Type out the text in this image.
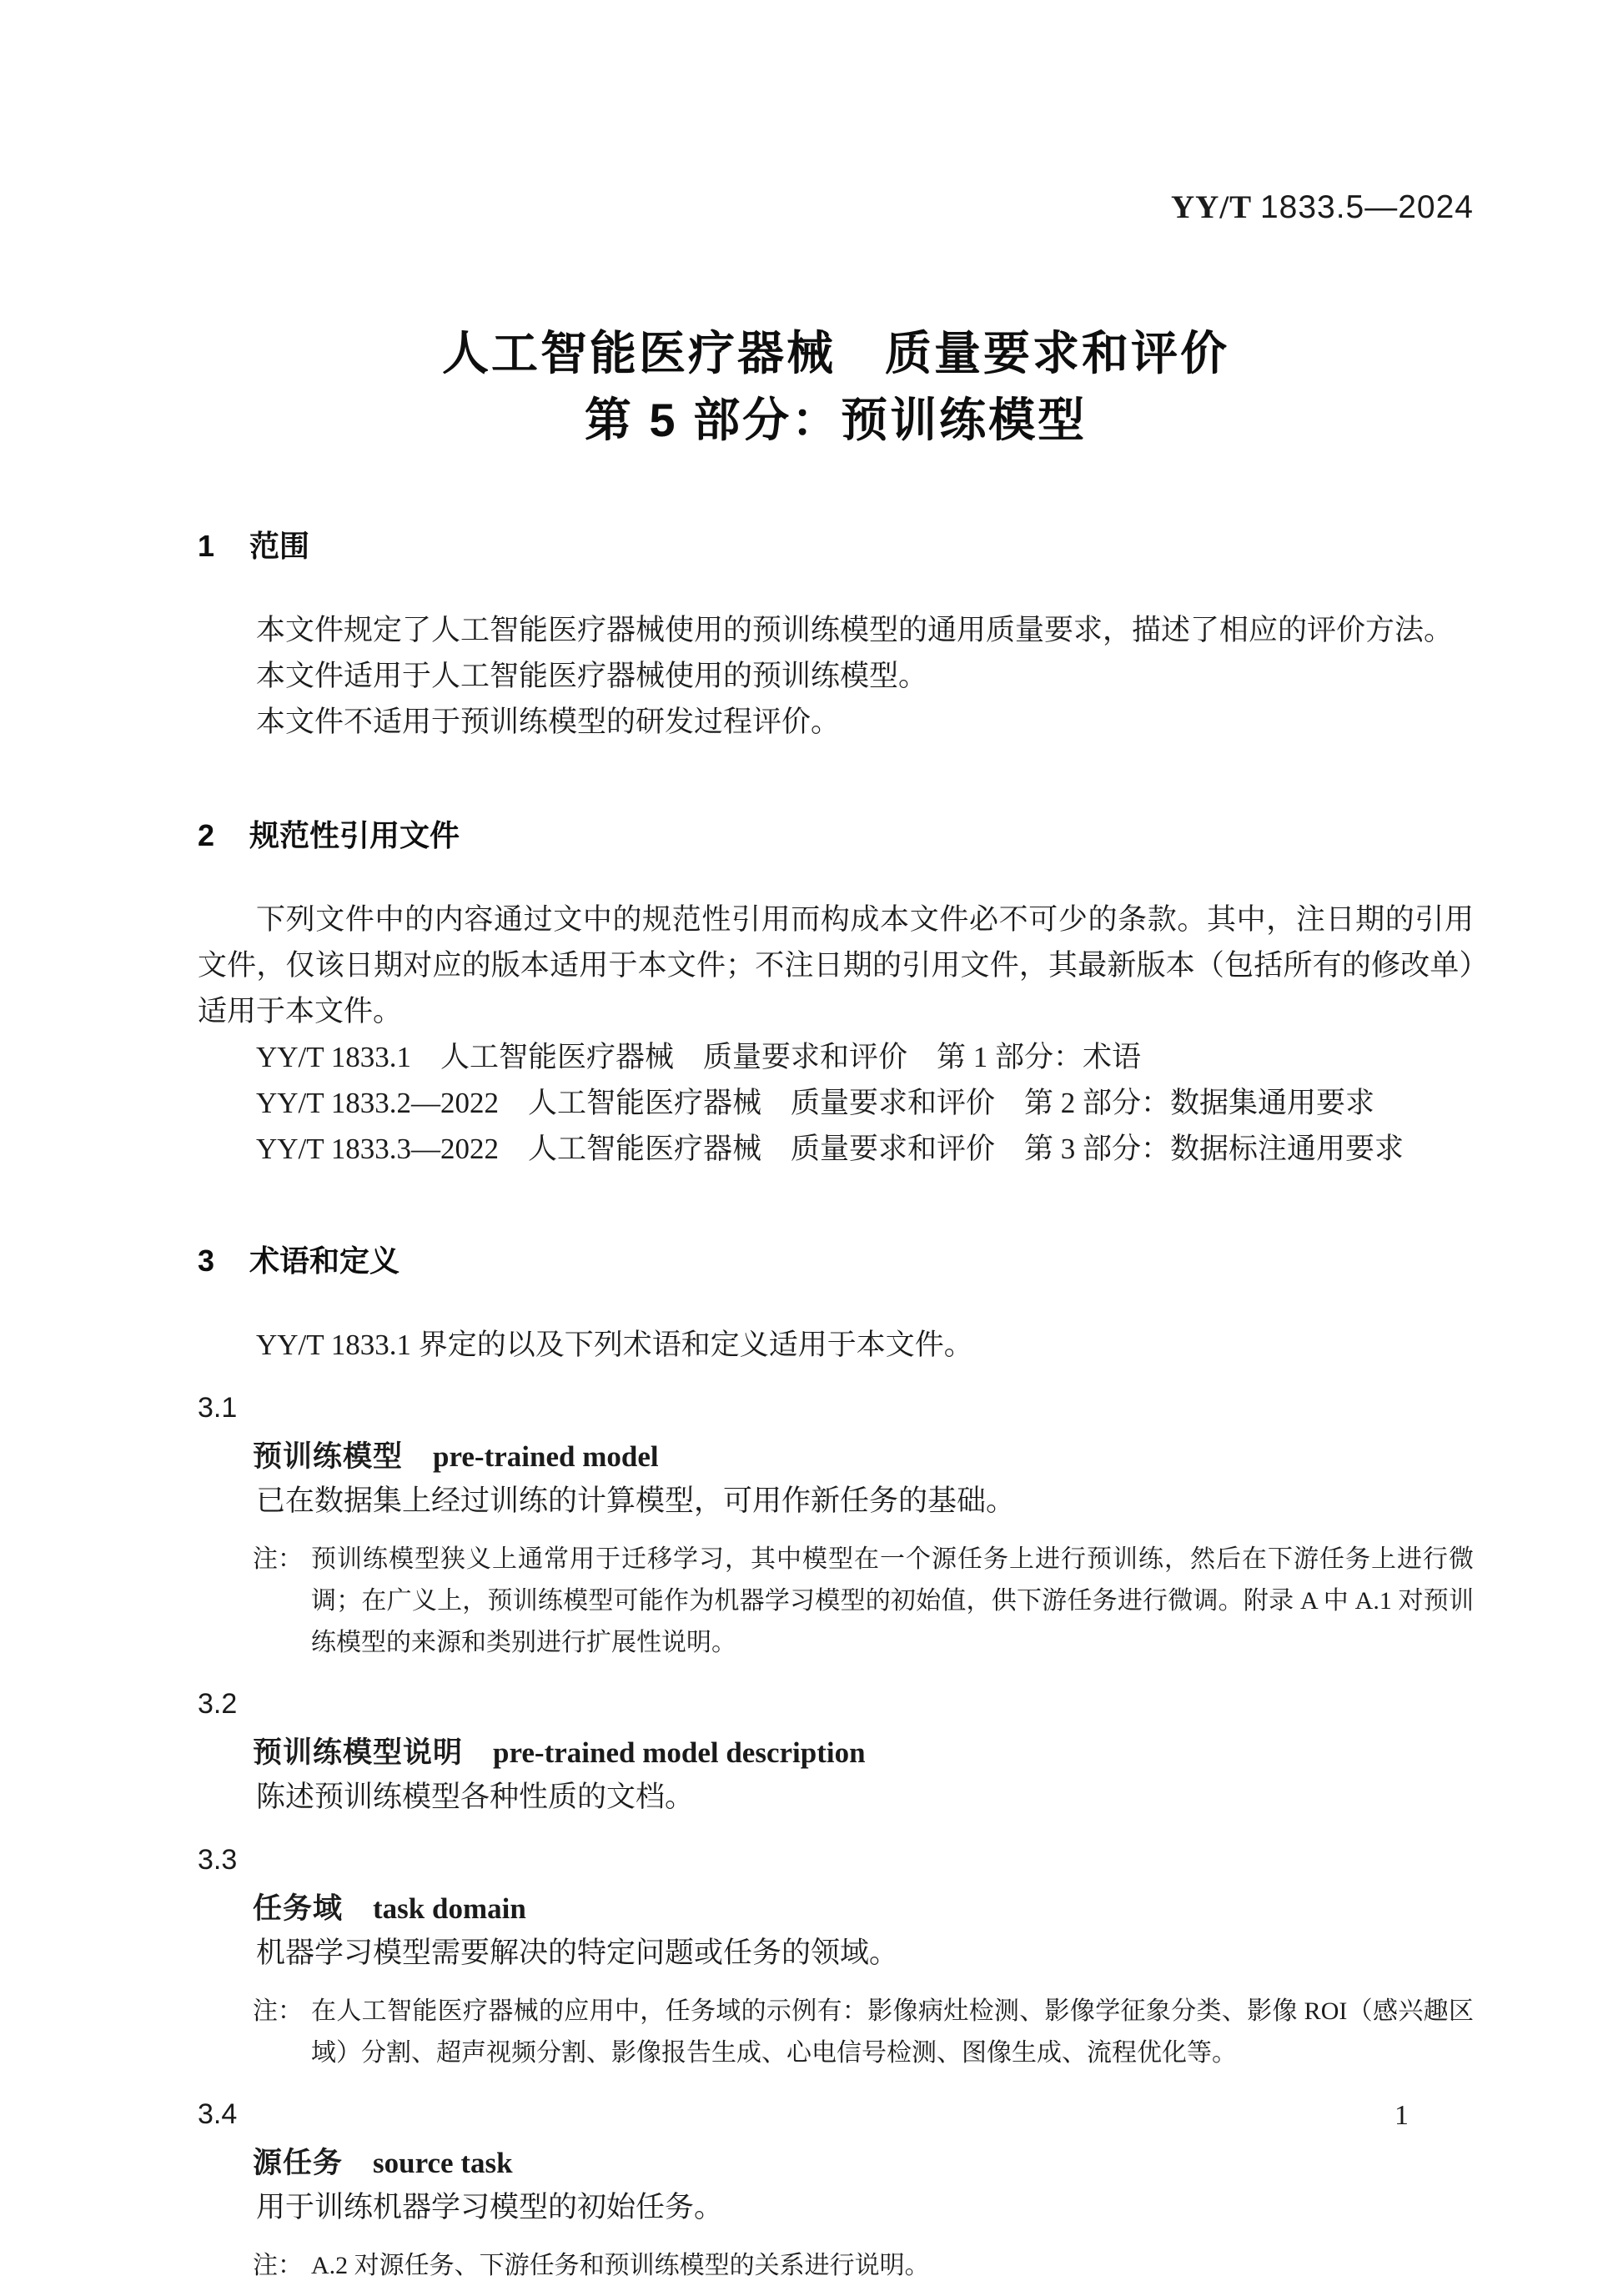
YY/T 1833.5—2024
人工智能医疗器械　质量要求和评价
第 5 部分：预训练模型
1 范围

本文件规定了人工智能医疗器械使用的预训练模型的通用质量要求，描述了相应的评价方法。

本文件适用于人工智能医疗器械使用的预训练模型。

本文件不适用于预训练模型的研发过程评价。

2 规范性引用文件

下列文件中的内容通过文中的规范性引用而构成本文件必不可少的条款。其中，注日期的引用文件，仅该日期对应的版本适用于本文件；不注日期的引用文件，其最新版本（包括所有的修改单）适用于本文件。

YY/T 1833.1　人工智能医疗器械　质量要求和评价　第 1 部分：术语

YY/T 1833.2—2022　人工智能医疗器械　质量要求和评价　第 2 部分：数据集通用要求

YY/T 1833.3—2022　人工智能医疗器械　质量要求和评价　第 3 部分：数据标注通用要求

3 术语和定义

YY/T 1833.1 界定的以及下列术语和定义适用于本文件。

3.1
预训练模型 pre-trained model

已在数据集上经过训练的计算模型，可用作新任务的基础。

注： 预训练模型狭义上通常用于迁移学习，其中模型在一个源任务上进行预训练，然后在下游任务上进行微调；在广义上，预训练模型可能作为机器学习模型的初始值，供下游任务进行微调。附录 A 中 A.1 对预训练模型的来源和类别进行扩展性说明。
3.2
预训练模型说明 pre-trained model description

陈述预训练模型各种性质的文档。

3.3
任务域 task domain

机器学习模型需要解决的特定问题或任务的领域。

注： 在人工智能医疗器械的应用中，任务域的示例有：影像病灶检测、影像学征象分类、影像 ROI（感兴趣区域）分割、超声视频分割、影像报告生成、心电信号检测、图像生成、流程优化等。
3.4
源任务 source task

用于训练机器学习模型的初始任务。

注： A.2 对源任务、下游任务和预训练模型的关系进行说明。
1
